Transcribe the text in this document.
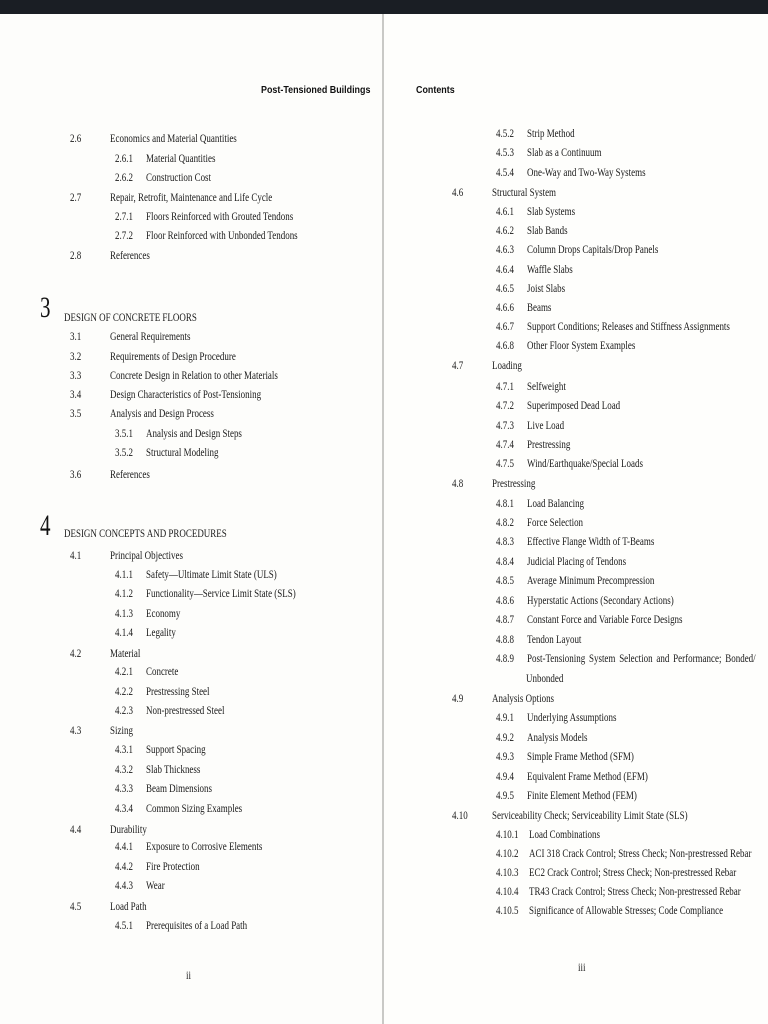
Post-Tensioned Buildings
3
4
2.6	Economics and Material Quantities
2.6.1	Material Quantities
2.6.2	Construction Cost
2.7	Repair, Retrofit, Maintenance and Life Cycle
2.7.1	Floors Reinforced with Grouted Tendons
2.7.2	Floor Reinforced with Unbonded Tendons
2.8	References
DESIGN OF CONCRETE FLOORS
3.1	General Requirements
3.2	Requirements of Design Procedure
3.3	Concrete Design in Relation to other Materials
3.4	Design Characteristics of Post-Tensioning
3.5	Analysis and Design Process
3.5.1	Analysis and Design Steps
3.5.2	Structural Modeling
3.6	References
DESIGN CONCEPTS AND PROCEDURES
4.1	Principal Objectives
4.1.1	Safety—Ultimate Limit State (ULS)
4.1.2	Functionality—Service Limit State (SLS)
4.1.3	Economy
4.1.4	Legality
4.2	Material
4.2.1	Concrete
4.2.2	Prestressing Steel
4.2.3	Non-prestressed Steel
4.3	Sizing
4.3.1	Support Spacing
4.3.2	Slab Thickness
4.3.3	Beam Dimensions
4.3.4	Common Sizing Examples
4.4	Durability
4.4.1	Exposure to Corrosive Elements
4.4.2	Fire Protection
4.4.3	Wear
4.5	Load Path
4.5.1	Prerequisites of a Load Path
ii
Contents
4.5.2	Strip Method
4.5.3	Slab as a Continuum
4.5.4	One-Way and Two-Way Systems
4.6	Structural System
4.6.1	Slab Systems
4.6.2	Slab Bands
4.6.3	Column Drops Capitals/Drop Panels
4.6.4	Waffle Slabs
4.6.5	Joist Slabs
4.6.6	Beams
4.6.7	Support Conditions; Releases and Stiffness Assignments
4.6.8	Other Floor System Examples
4.7	Loading
4.7.1	Selfweight
4.7.2	Superimposed Dead Load
4.7.3	Live Load
4.7.4	Prestressing
4.7.5	Wind/Earthquake/Special Loads
4.8	Prestressing
4.8.1	Load Balancing
4.8.2	Force Selection
4.8.3	Effective Flange Width of T-Beams
4.8.4	Judicial Placing of Tendons
4.8.5	Average Minimum Precompression
4.8.6	Hyperstatic Actions (Secondary Actions)
4.8.7	Constant Force and Variable Force Designs
4.8.8	Tendon Layout
4.8.9	Post-Tensioning System Selection and Performance; Bonded/
Unbonded
4.9	Analysis Options
4.9.1	Underlying Assumptions
4.9.2	Analysis Models
4.9.3	Simple Frame Method (SFM)
4.9.4	Equivalent Frame Method (EFM)
4.9.5	Finite Element Method (FEM)
4.10	Serviceability Check; Serviceability Limit State (SLS)
4.10.1 Load Combinations
4.10.2 ACI 318 Crack Control; Stress Check; Non-prestressed Rebar
4.10.3 EC2 Crack Control; Stress Check; Non-prestressed Rebar
4.10.4 TR43 Crack Control; Stress Check; Non-prestressed Rebar
4.10.5 Significance of Allowable Stresses; Code Compliance
iii
